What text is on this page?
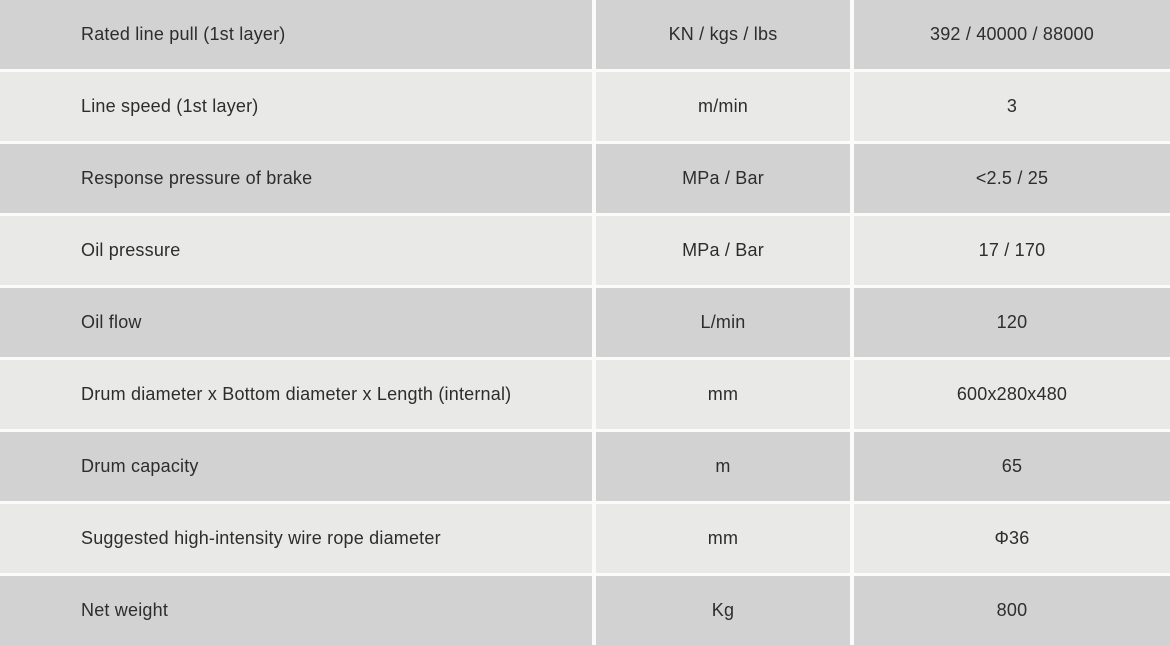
Rated line pull (1st layer)	KN / kgs / lbs	392 / 40000 / 88000
Line speed (1st layer)	m/min	3
Response pressure of brake	MPa / Bar	<2.5 / 25
Oil pressure	MPa / Bar	17 / 170
Oil flow	L/min	120
Drum diameter x Bottom diameter x Length (internal)	mm	600x280x480
Drum capacity	m	65
Suggested high-intensity wire rope diameter	mm	Φ36
Net weight	Kg	800
